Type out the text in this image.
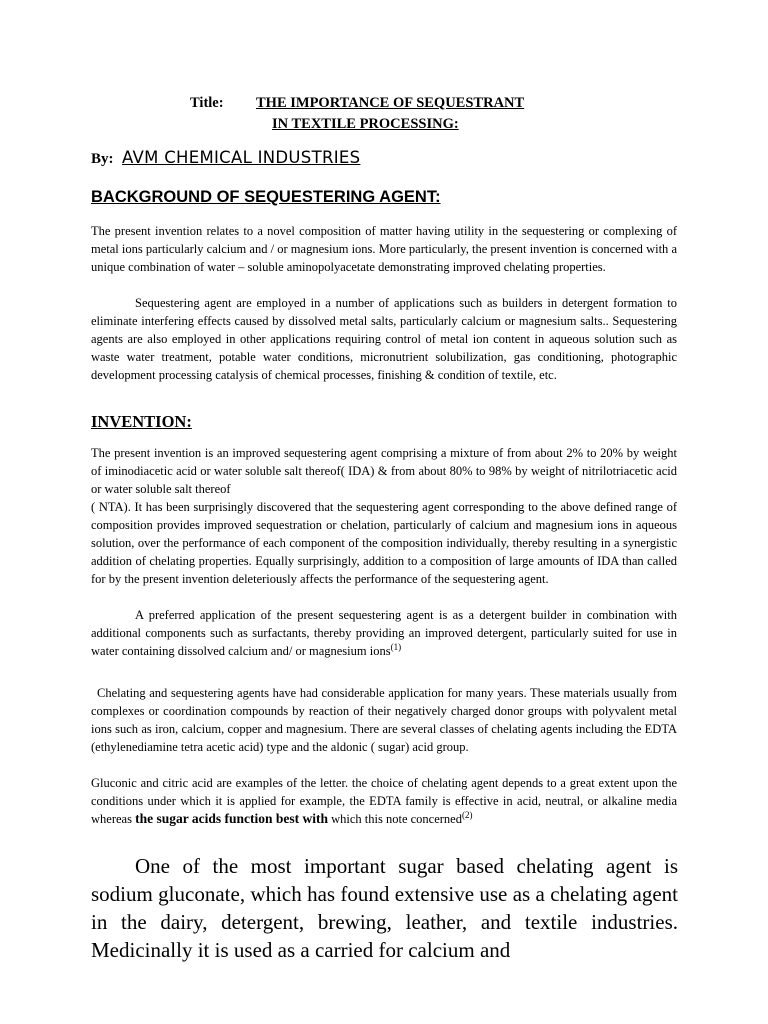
Title: THE IMPORTANCE OF SEQUESTRANT
IN TEXTILE PROCESSING:
By: AVM CHEMICAL INDUSTRIES
BACKGROUND OF SEQUESTERING AGENT:
The present invention relates to a novel composition of matter having utility in the sequestering or complexing of metal ions particularly calcium and / or magnesium ions. More particularly, the present invention is concerned with a unique combination of water – soluble aminopolyacetate demonstrating improved chelating properties.
Sequestering agent are employed in a number of applications such as builders in detergent formation to eliminate interfering effects caused by dissolved metal salts, particularly calcium or magnesium salts.. Sequestering agents are also employed in other applications requiring control of metal ion content in aqueous solution such as waste water treatment, potable water conditions, micronutrient solubilization, gas conditioning, photographic development processing catalysis of chemical processes, finishing & condition of textile, etc.
INVENTION:
The present invention is an improved sequestering agent comprising a mixture of from about 2% to 20% by weight of iminodiacetic acid or water soluble salt thereof( IDA) & from about 80% to 98% by weight of nitrilotriacetic acid or water soluble salt thereof
( NTA). It has been surprisingly discovered that the sequestering agent corresponding to the above defined range of composition provides improved sequestration or chelation, particularly of calcium and magnesium ions in aqueous solution, over the performance of each component of the composition individually, thereby resulting in a synergistic addition of chelating properties. Equally surprisingly, addition to a composition of large amounts of IDA than called for by the present invention deleteriously affects the performance of the sequestering agent.
A preferred application of the present sequestering agent is as a detergent builder in combination with additional components such as surfactants, thereby providing an improved detergent, particularly suited for use in water containing dissolved calcium and/ or magnesium ions$^{(1)}$
Chelating and sequestering agents have had considerable application for many years. These materials usually from complexes or coordination compounds by reaction of their negatively charged donor groups with polyvalent metal ions such as iron, calcium, copper and magnesium. There are several classes of chelating agents including the EDTA (ethylenediamine tetra acetic acid) type and the aldonic ( sugar) acid group.
Gluconic and citric acid are examples of the letter. the choice of chelating agent depends to a great extent upon the conditions under which it is applied for example, the EDTA family is effective in acid, neutral, or alkaline media whereas the sugar acids function best with which this note concerned$^{(2)}$
One of the most important sugar based chelating agent is sodium gluconate, which has found extensive use as a chelating agent in the dairy, detergent, brewing, leather, and textile industries. Medicinally it is used as a carried for calcium and
